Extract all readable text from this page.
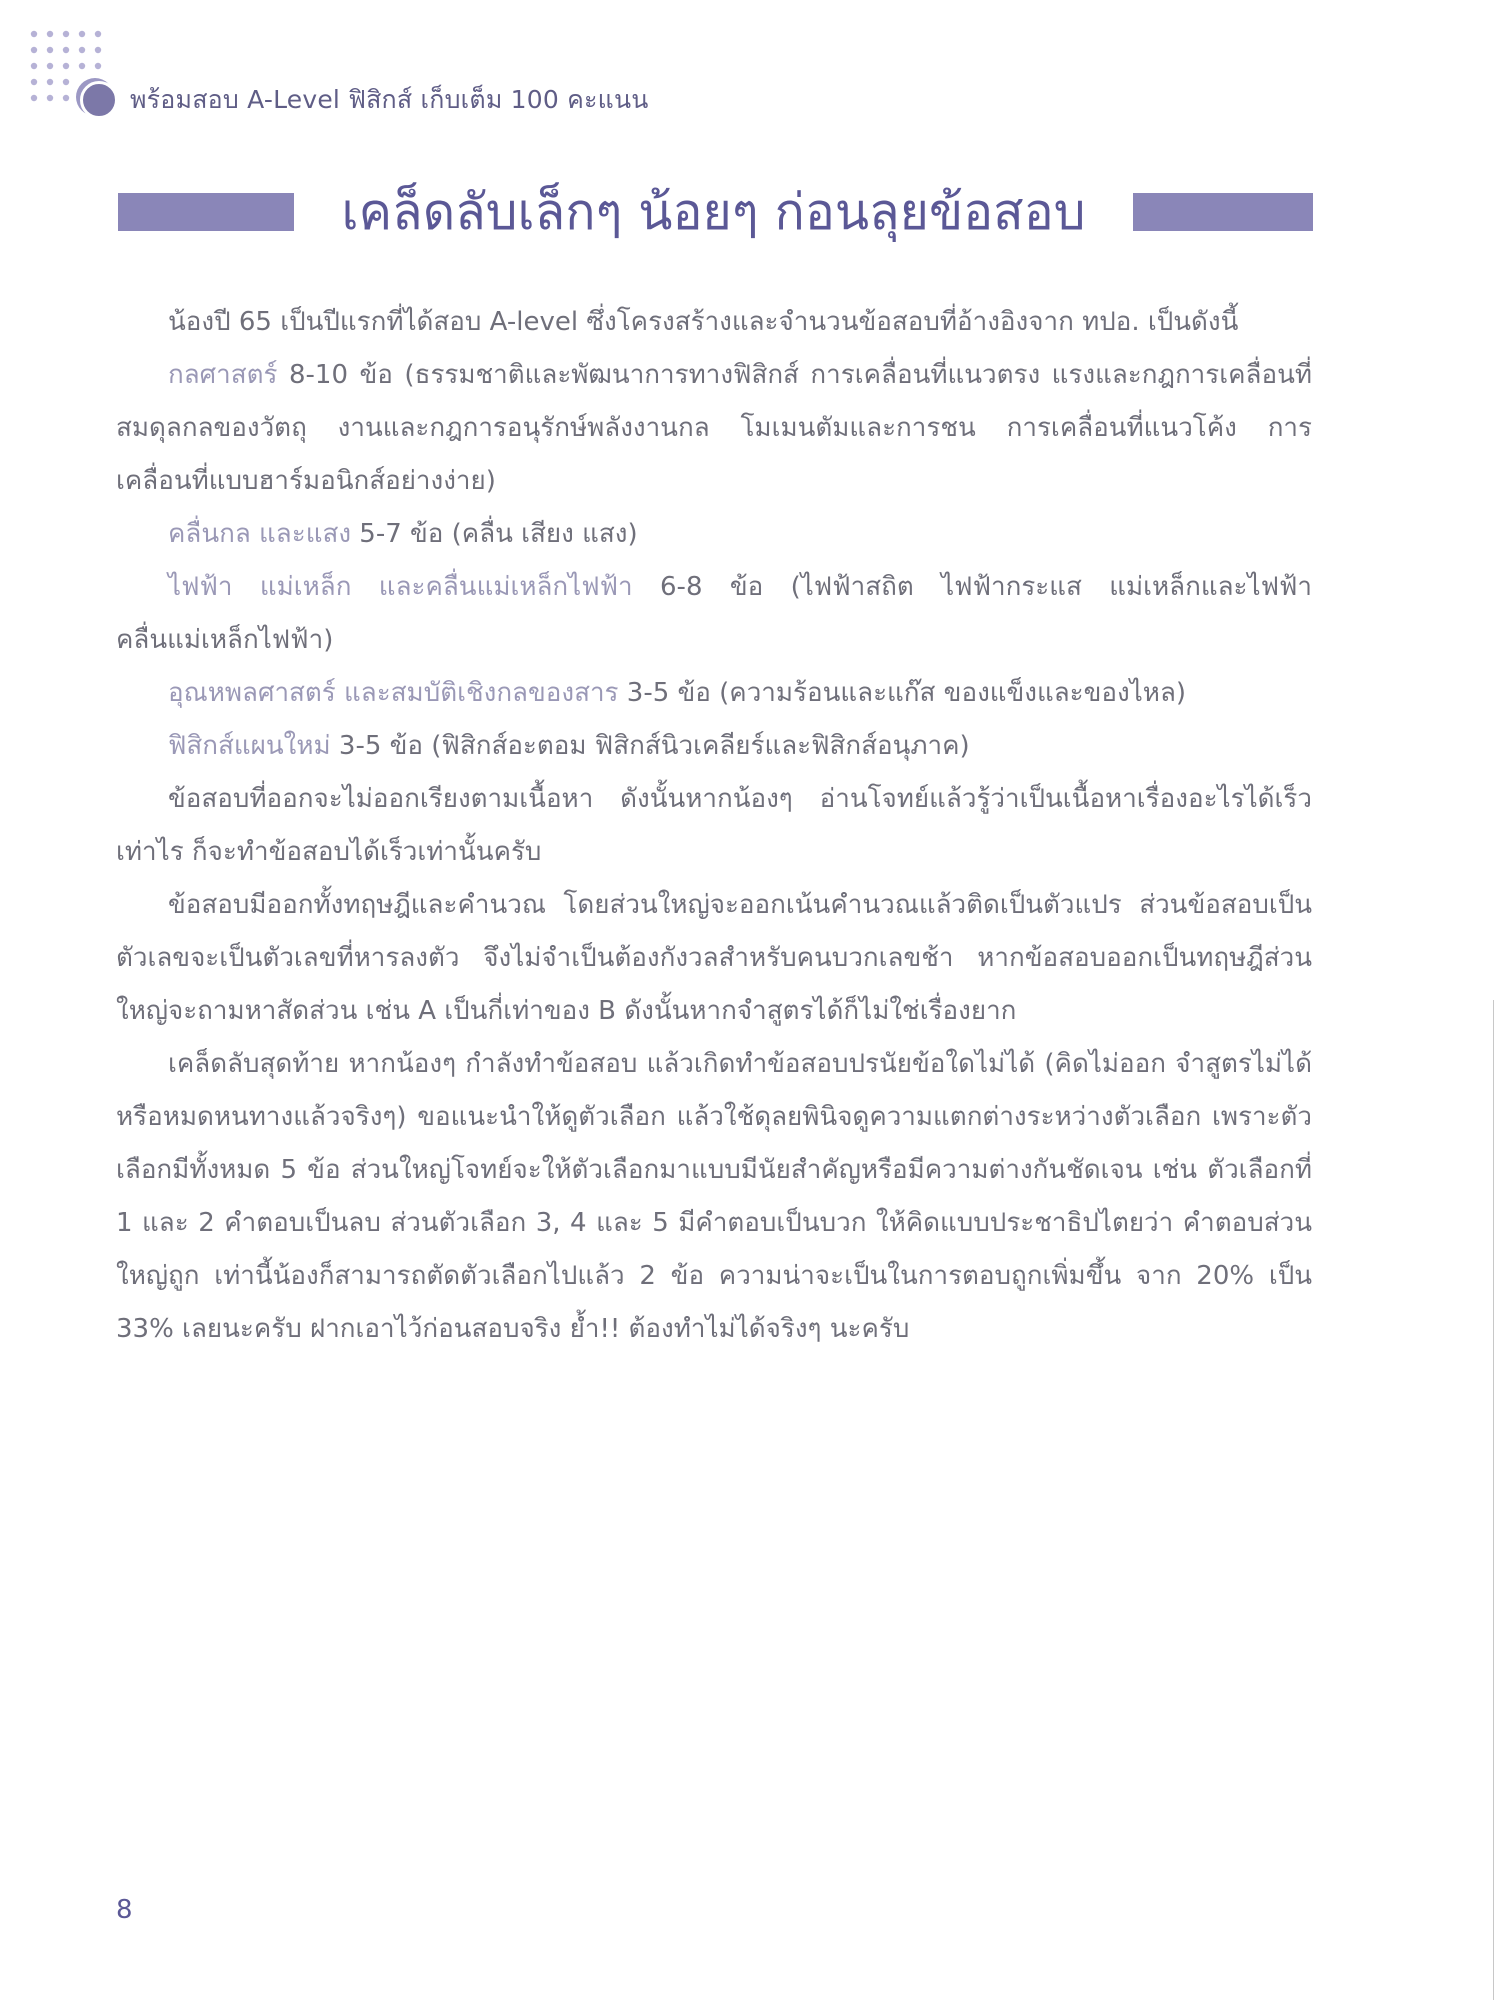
พร้อมสอบ A-Level ฟิสิกส์ เก็บเต็ม 100 คะแนน
เคล็ดลับเล็กๆ น้อยๆ ก่อนลุยข้อสอบ

น้องปี 65 เป็นปีแรกที่ได้สอบ A-level ซึ่งโครงสร้างและจำนวนข้อสอบที่อ้างอิงจาก ทปอ. เป็นดังนี้

กลศาสตร์ 8-10 ข้อ (ธรรมชาติและพัฒนาการทางฟิสิกส์ การเคลื่อนที่แนวตรง แรงและกฎการเคลื่อนที่ สมดุลกลของวัตถุ งานและกฎการอนุรักษ์พลังงานกล โมเมนตัมและการชน การเคลื่อนที่แนวโค้ง การเคลื่อนที่แบบฮาร์มอนิกส์อย่างง่าย)

คลื่นกล และแสง 5-7 ข้อ (คลื่น เสียง แสง)

ไฟฟ้า แม่เหล็ก และคลื่นแม่เหล็กไฟฟ้า 6-8 ข้อ (ไฟฟ้าสถิต ไฟฟ้ากระแส แม่เหล็กและไฟฟ้า คลื่นแม่เหล็กไฟฟ้า)

อุณหพลศาสตร์ และสมบัติเชิงกลของสาร 3-5 ข้อ (ความร้อนและแก๊ส ของแข็งและของไหล)

ฟิสิกส์แผนใหม่ 3-5 ข้อ (ฟิสิกส์อะตอม ฟิสิกส์นิวเคลียร์และฟิสิกส์อนุภาค)

ข้อสอบที่ออกจะไม่ออกเรียงตามเนื้อหา ดังนั้นหากน้องๆ อ่านโจทย์แล้วรู้ว่าเป็นเนื้อหาเรื่องอะไรได้เร็วเท่าไร ก็จะทำข้อสอบได้เร็วเท่านั้นครับ

ข้อสอบมีออกทั้งทฤษฎีและคำนวณ โดยส่วนใหญ่จะออกเน้นคำนวณแล้วติดเป็นตัวแปร ส่วนข้อสอบเป็นตัวเลขจะเป็นตัวเลขที่หารลงตัว จึงไม่จำเป็นต้องกังวลสำหรับคนบวกเลขช้า หากข้อสอบออกเป็นทฤษฎีส่วนใหญ่จะถามหาสัดส่วน เช่น A เป็นกี่เท่าของ B ดังนั้นหากจำสูตรได้ก็ไม่ใช่เรื่องยาก

เคล็ดลับสุดท้าย หากน้องๆ กำลังทำข้อสอบ แล้วเกิดทำข้อสอบปรนัยข้อใดไม่ได้ (คิดไม่ออก จำสูตรไม่ได้ หรือหมดหนทางแล้วจริงๆ) ขอแนะนำให้ดูตัวเลือก แล้วใช้ดุลยพินิจดูความแตกต่างระหว่างตัวเลือก เพราะตัวเลือกมีทั้งหมด 5 ข้อ ส่วนใหญ่โจทย์จะให้ตัวเลือกมาแบบมีนัยสำคัญหรือมีความต่างกันชัดเจน เช่น ตัวเลือกที่ 1 และ 2 คำตอบเป็นลบ ส่วนตัวเลือก 3, 4 และ 5 มีคำตอบเป็นบวก ให้คิดแบบประชาธิปไตยว่า คำตอบส่วนใหญ่ถูก เท่านี้น้องก็สามารถตัดตัวเลือกไปแล้ว 2 ข้อ ความน่าจะเป็นในการตอบถูกเพิ่มขึ้น จาก 20% เป็น 33% เลยนะครับ ฝากเอาไว้ก่อนสอบจริง ย้ำ!! ต้องทำไม่ได้จริงๆ นะครับ

8
